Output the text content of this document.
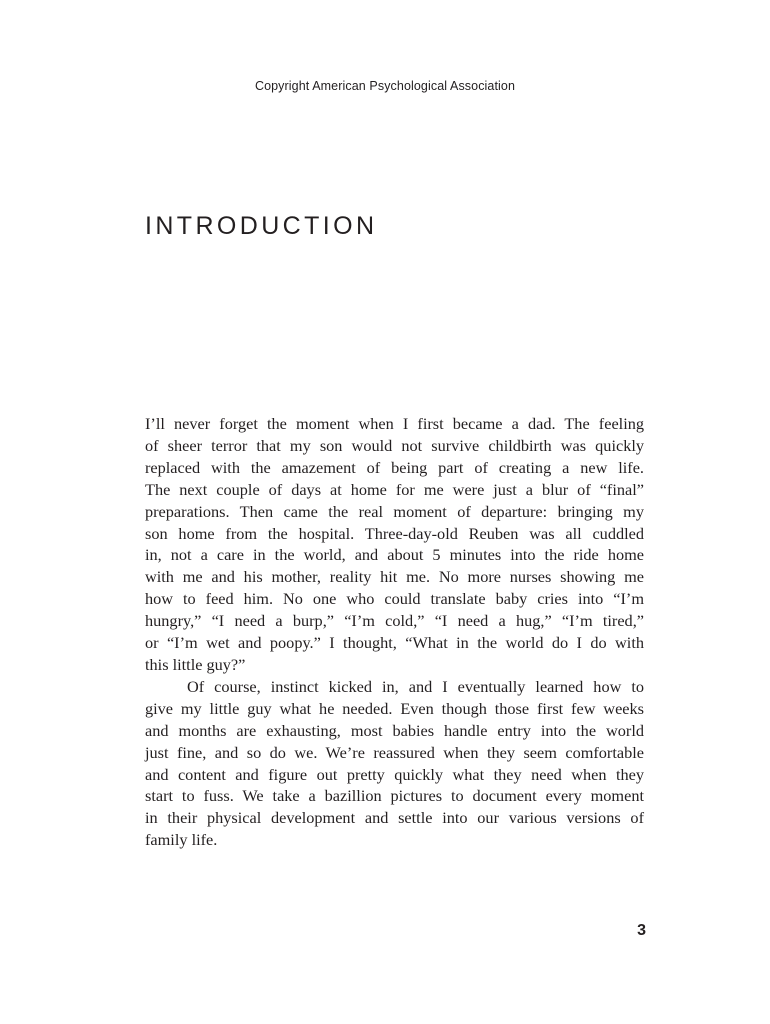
Copyright American Psychological Association
INTRODUCTION
I’ll never forget the moment when I first became a dad. The feeling
of sheer terror that my son would not survive childbirth was quickly
replaced with the amazement of being part of creating a new life.
The next couple of days at home for me were just a blur of “final”
preparations. Then came the real moment of departure: bringing my
son home from the hospital. Three-day-old Reuben was all cuddled
in, not a care in the world, and about 5 minutes into the ride home
with me and his mother, reality hit me. No more nurses showing me
how to feed him. No one who could translate baby cries into “I’m
hungry,” “I need a burp,” “I’m cold,” “I need a hug,” “I’m tired,”
or “I’m wet and poopy.” I thought, “What in the world do I do with
this little guy?”
Of course, instinct kicked in, and I eventually learned how to
give my little guy what he needed. Even though those first few weeks
and months are exhausting, most babies handle entry into the world
just fine, and so do we. We’re reassured when they seem comfortable
and content and figure out pretty quickly what they need when they
start to fuss. We take a bazillion pictures to document every moment
in their physical development and settle into our various versions of
family life.
3
